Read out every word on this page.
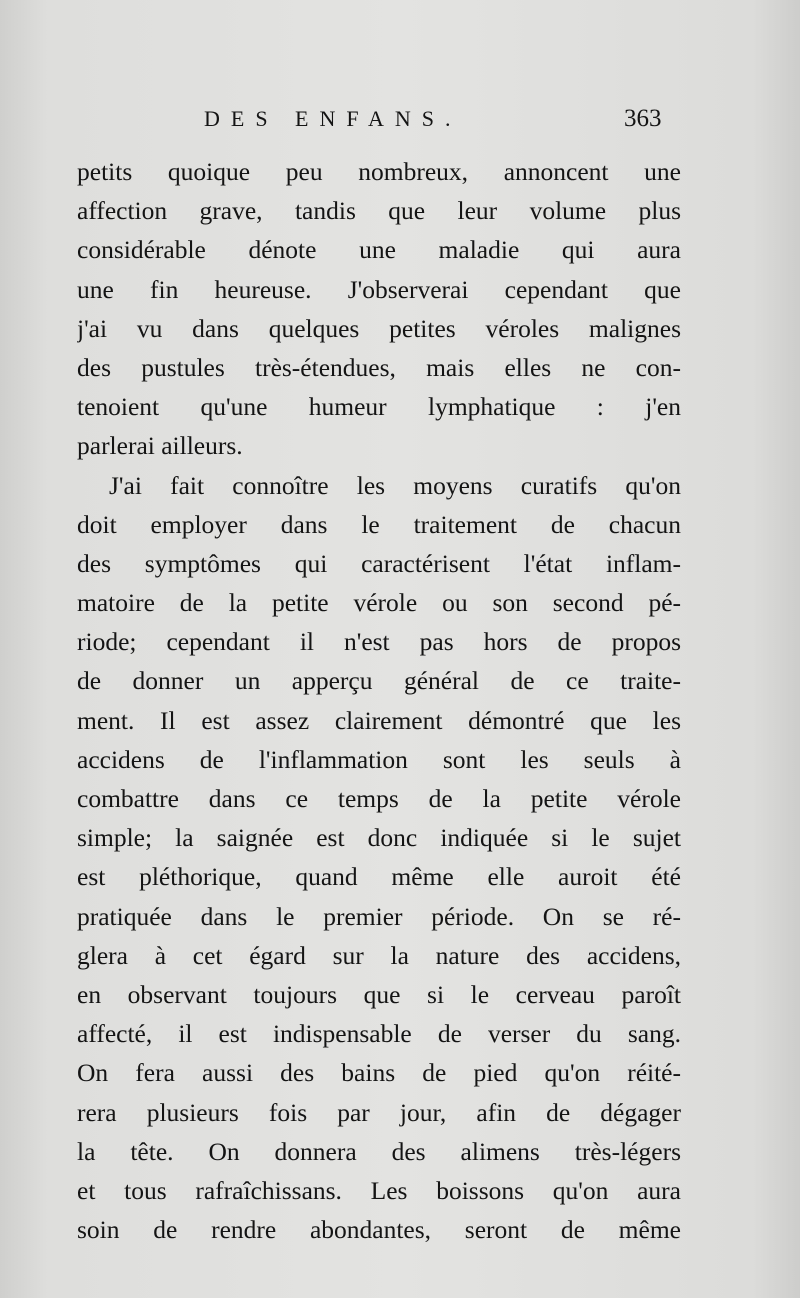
DES ENFANS.	363
petits quoique peu nombreux, annoncent une
affection grave, tandis que leur volume plus
considérable dénote une maladie qui aura
une fin heureuse. J'observerai cependant que
j'ai vu dans quelques petites véroles malignes
des pustules très-étendues, mais elles ne con-
tenoient qu'une humeur lymphatique : j'en
parlerai ailleurs.
J'ai fait connoître les moyens curatifs qu'on
doit employer dans le traitement de chacun
des symptômes qui caractérisent l'état inflam-
matoire de la petite vérole ou son second pé-
riode; cependant il n'est pas hors de propos
de donner un apperçu général de ce traite-
ment. Il est assez clairement démontré que les
accidens de l'inflammation sont les seuls à
combattre dans ce temps de la petite vérole
simple; la saignée est donc indiquée si le sujet
est pléthorique, quand même elle auroit été
pratiquée dans le premier période. On se ré-
glera à cet égard sur la nature des accidens,
en observant toujours que si le cerveau paroît
affecté, il est indispensable de verser du sang.
On fera aussi des bains de pied qu'on réité-
rera plusieurs fois par jour, afin de dégager
la tête. On donnera des alimens très-légers
et tous rafraîchissans. Les boissons qu'on aura
soin de rendre abondantes, seront de même
